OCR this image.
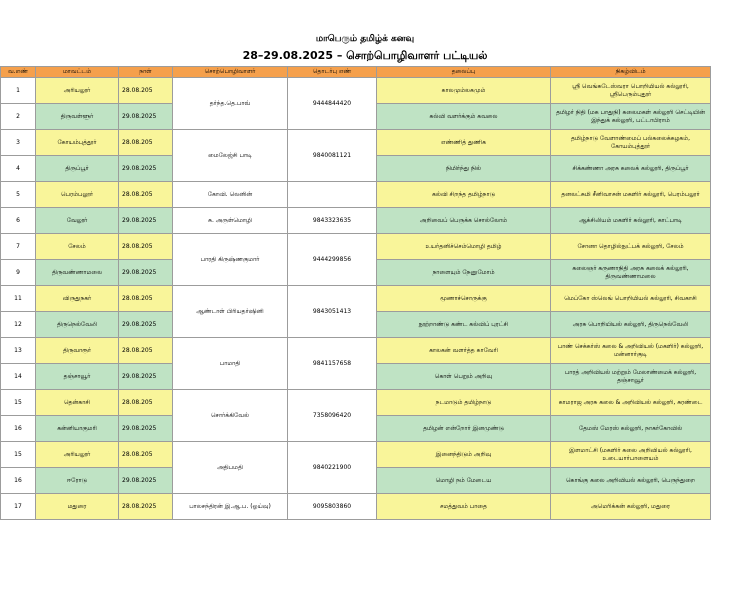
மாபெரும் தமிழ்க் கனவு
28–29.08.2025 – சொற்பொழிவாளர் பட்டியல்
வ.எண்	மாவட்டம்	நாள்	சொற்பொழிவாளர்	தொடர்பு எண்	தலைப்பு	நிகழ்விடம்
1	அரியலூர்	28.08.205	தர்ந்த.தெ.பாவ்	9444844420	காலமும்லகமும்	ஸ்ரீ வெங்கடேஸ்வரா பொறியியல் கல்லூரி, ஸ்ரீபெரும்புதூர்
2	திருவள்ளூர்	29.08.2025			கல்வி வளர்க்கும் கவலை	தமிழர் நிதி (மக பாதுநி) கலைமகள் கல்லூரி செட்டியின் இந்துக் கல்லூரி, பட்டாபிராம்
3	கோயம்புத்தூர்	28.08.205	மைலேஜ்சி பாடி	9840081121	எண்ணித் துணிக	தமிழ்நாடு வேளாண்மைப் பல்கலைக்கழகம், கோயம்புத்தூர்
4	திருப்பூர்	29.08.2025			நிமிர்ந்து நில்	சிக்கண்ணா அரசு கலைக் கல்லூரி, திருப்பூர்
5	பெரம்பலூர்	28.08.205	கோவி. லெனின்		கல்வி சிறந்த தமிழ்நாடு	தனலட்சுமி சீனிவாசன் மகளிர் கல்லூரி, பெரம்பலூர்
6	வேலூர்	29.08.2025	சு. அருள்மொழி	9843323635	அறிவைப் பெருக்க சொல்லோம்	ஆக்சிலியம் மகளிர் கல்லூரி, காட்பாடி
7	சேலம்	28.08.205	பாரதி கிருஷ்ணகுமார்	9444299856	உயர்தனிச்செம்மொழி தமிழ்	சோனா தொழில்நுட்பக் கல்லூரி, சேலம்
9	திருவண்ணாமலை	29.08.2025			நாளையும் நேனுமோம்	கலைஞர் கருணாநிதி அரசு கலைக் கல்லூரி, திருவண்ணாமலை
11	விருதுநகர்	28.08.205	ஆண்டாள் பிரியதர்ஷினி	9843051413	மூணாச்சொருக்கு	மெப்கோ ஸ்லெங் பொறியியல் கல்லூரி, சிவகாசி
12	திருநெல்வேலி	29.08.2025			நூற்றாண்டு கண்ட கல்விப் புரட்சி	அரசு பொறியியல் கல்லூரி, திருநெல்வேலி
13	திருவாரூர்	28.08.205	பாமாதி	9841157658	காலகன் வளர்த்த காவேரி	பாண் செக்கர்ஸ் கலை & அறிவியல் (மகளிர்) கல்லூரி, மன்னார்குடி
14	தஞ்சாவூர்	29.08.2025			கொள் பெறும் அறிவு	பாரத் அறிவியல் மற்றும் மேலாண்மைக் கல்லூரி, தஞ்சாவூர்
15	தென்காசி	28.08.205	சொர்க்கிவேல்	7358096420	நடமாடும் தமிழ்நாடு	காமராஜ அரசு கலை & அறிவியல் கல்லூரி, சுரண்டை
16	கன்னியாகுமரி	29.08.2025			தமிழன் என்றோர் இனமுண்டு	தேமஸ் மேரஸ் கல்லூரி, நாகர்கோவில்
15	அரியலூர்	28.08.205	அதிபமதி	9840221900	இனைந்திடும் அறிவு	இளமாட்சி (மகளிர் கலை அறிவியல் கல்லூரி, உடையார்பாளையம்
16	ஈரோடு	29.08.2025			மொழி நம் மேடைய	கொங்கு கலை அறிவியல் கல்லூரி, பெருந்துறை
17	மதுரை	28.08.2025	பாலசந்திரன் இ.ஆ.ப. (ஓய்வு)	9095803860	சமத்துவம் பாதை	அமெரிக்கன் கல்லூரி, மதுரை
